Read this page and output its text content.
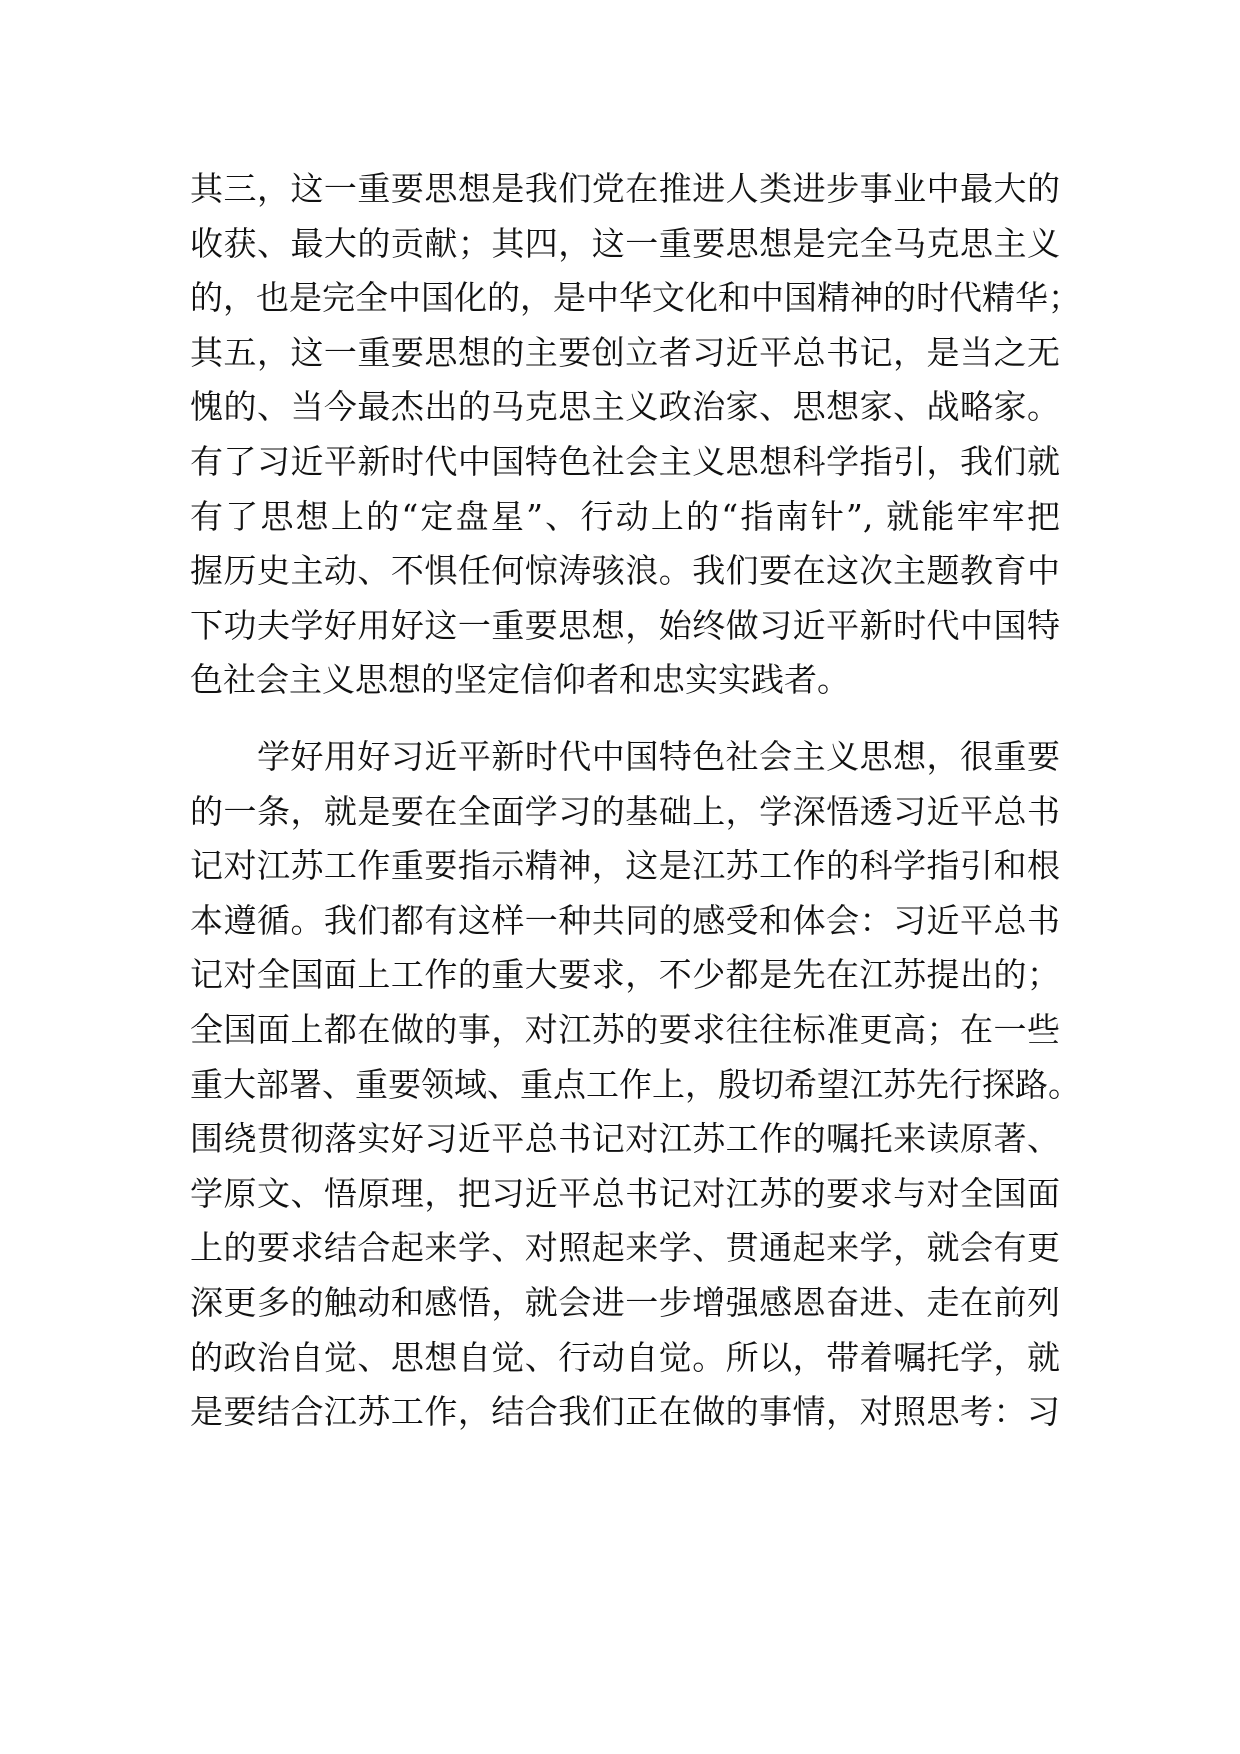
其三，这一重要思想是我们党在推进人类进步事业中最大的
收获、最大的贡献；其四，这一重要思想是完全马克思主义
的，也是完全中国化的，是中华文化和中国精神的时代精华；
其五，这一重要思想的主要创立者习近平总书记，是当之无
愧的、当今最杰出的马克思主义政治家、思想家、战略家。
有了习近平新时代中国特色社会主义思想科学指引，我们就
有了思想上的“定盘星”、行动上的“指南针”, 就能牢牢把
握历史主动、不惧任何惊涛骇浪。我们要在这次主题教育中
下功夫学好用好这一重要思想，始终做习近平新时代中国特
色社会主义思想的坚定信仰者和忠实实践者。
　　学好用好习近平新时代中国特色社会主义思想，很重要
的一条，就是要在全面学习的基础上，学深悟透习近平总书
记对江苏工作重要指示精神，这是江苏工作的科学指引和根
本遵循。我们都有这样一种共同的感受和体会：习近平总书
记对全国面上工作的重大要求，不少都是先在江苏提出的；
全国面上都在做的事，对江苏的要求往往标准更高；在一些
重大部署、重要领域、重点工作上，殷切希望江苏先行探路。
围绕贯彻落实好习近平总书记对江苏工作的嘱托来读原著、
学原文、悟原理，把习近平总书记对江苏的要求与对全国面
上的要求结合起来学、对照起来学、贯通起来学，就会有更
深更多的触动和感悟，就会进一步增强感恩奋进、走在前列
的政治自觉、思想自觉、行动自觉。所以，带着嘱托学，就
是要结合江苏工作，结合我们正在做的事情，对照思考：习
